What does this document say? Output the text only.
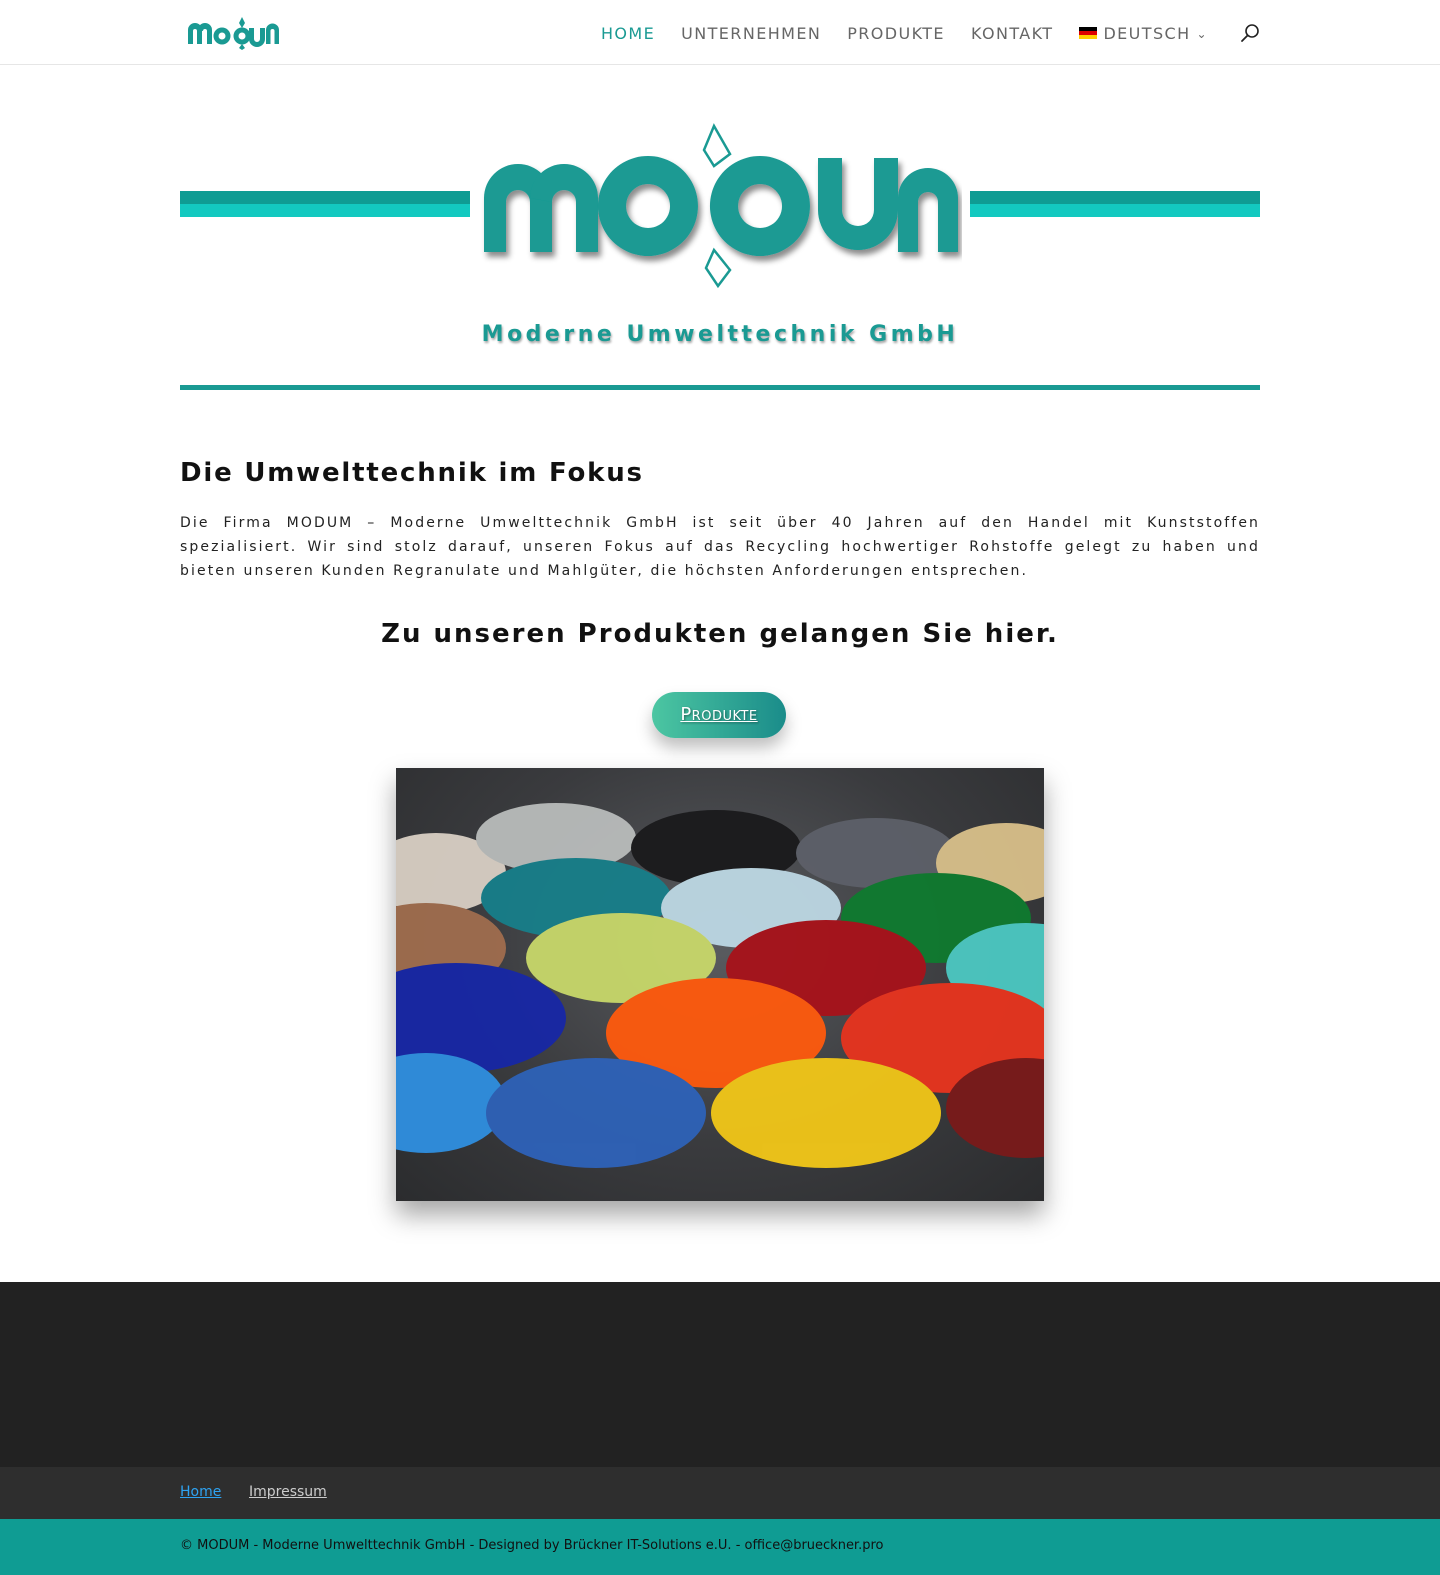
HOME UNTERNEHMEN PRODUKTE KONTAKT	DEUTSCH ⌄
Moderne Umwelttechnik GmbH
Die Umwelttechnik im Fokus

Die Firma MODUM – Moderne Umwelttechnik GmbH ist seit über 40 Jahren auf den Handel mit Kunststoffen spezialisiert. Wir sind stolz darauf, unseren Fokus auf das Recycling hochwertiger Rohstoffe gelegt zu haben und bieten unseren Kunden Regranulate und Mahlgüter, die höchsten Anforderungen entsprechen.

Zu unseren Produkten gelangen Sie hier.
Produkte
Home Impressum
© MODUM - Moderne Umwelttechnik GmbH - Designed by Brückner IT-Solutions e.U. - office@brueckner.pro
